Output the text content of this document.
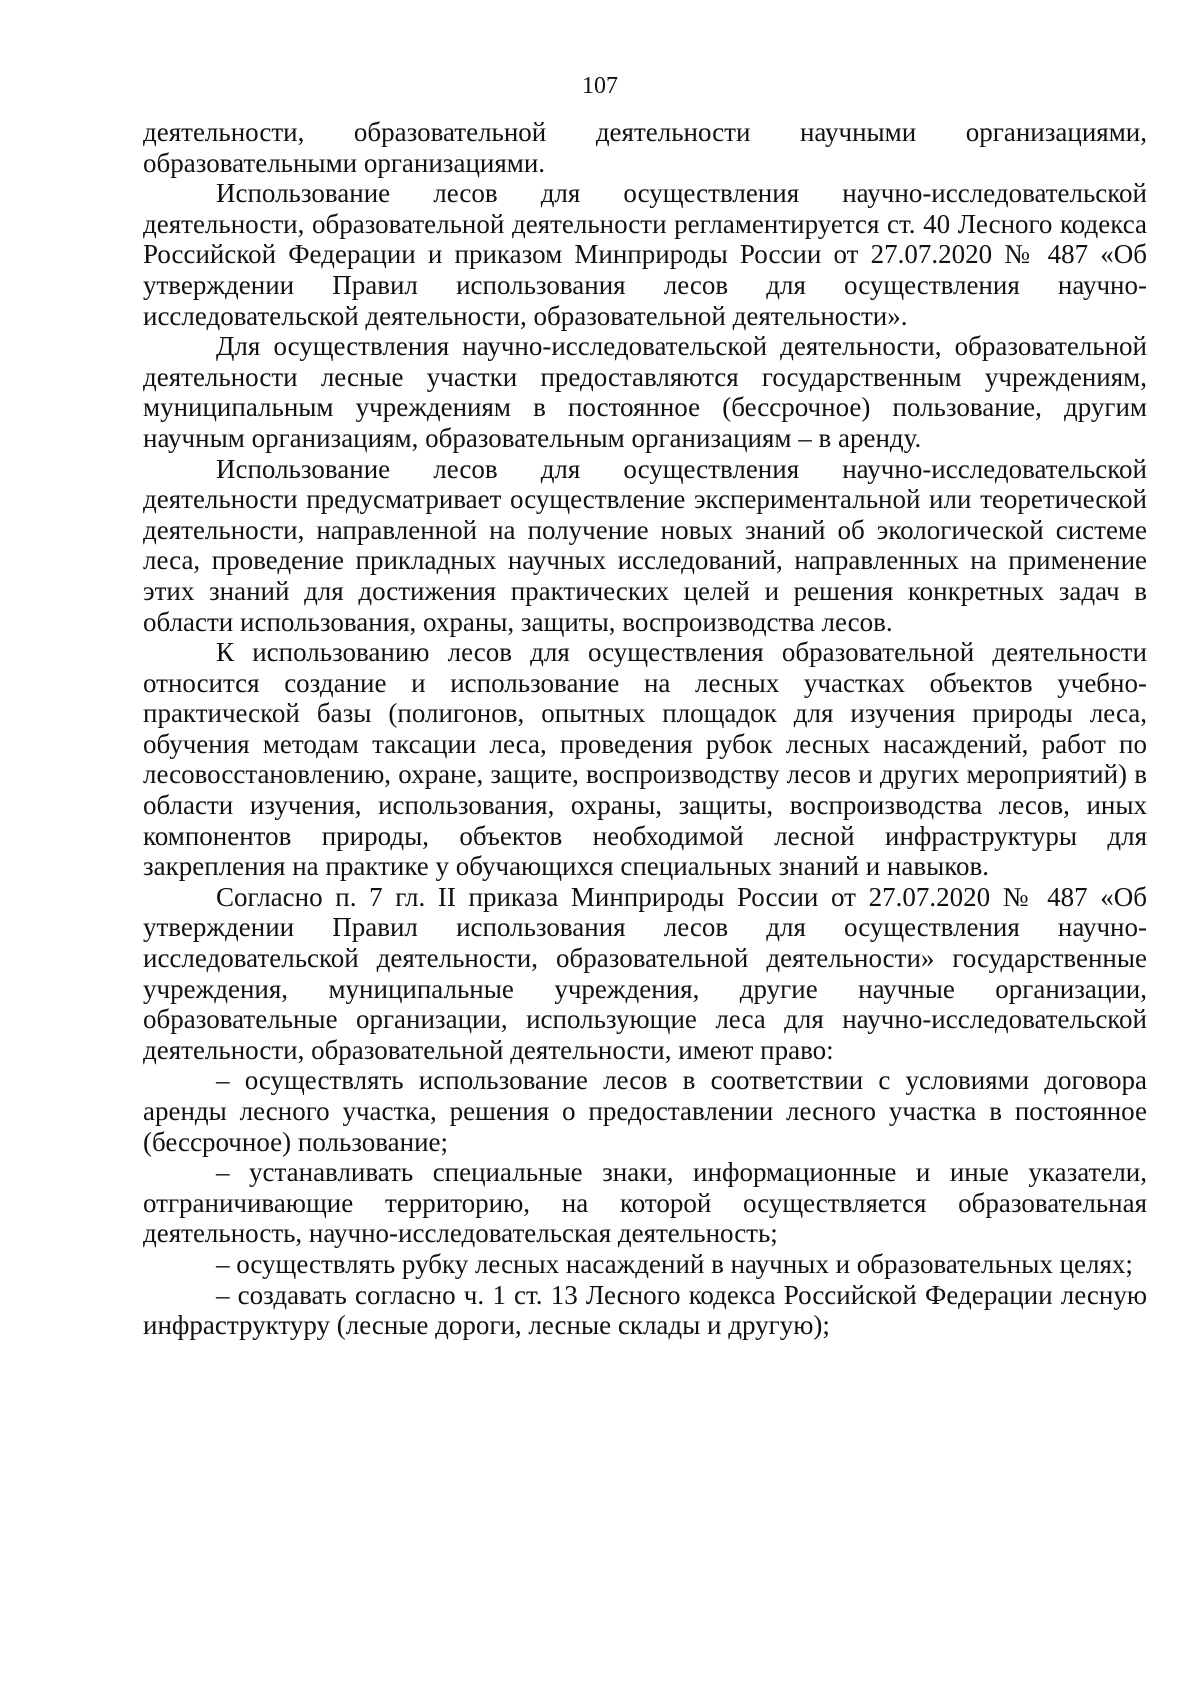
107

деятельности, образовательной деятельности научными организациями, образовательными организациями.

Использование лесов для осуществления научно-исследовательской деятельности, образовательной деятельности регламентируется ст. 40 Лесного кодекса Российской Федерации и приказом Минприроды России от 27.07.2020 № 487 «Об утверждении Правил использования лесов для осуществления научно-исследовательской деятельности, образовательной деятельности».

Для осуществления научно-исследовательской деятельности, образовательной деятельности лесные участки предоставляются государственным учреждениям, муниципальным учреждениям в постоянное (бессрочное) пользование, другим научным организациям, образовательным организациям – в аренду.

Использование лесов для осуществления научно-исследовательской деятельности предусматривает осуществление экспериментальной или теоретической деятельности, направленной на получение новых знаний об экологической системе леса, проведение прикладных научных исследований, направленных на применение этих знаний для достижения практических целей и решения конкретных задач в области использования, охраны, защиты, воспроизводства лесов.

К использованию лесов для осуществления образовательной деятельности относится создание и использование на лесных участках объектов учебно-практической базы (полигонов, опытных площадок для изучения природы леса, обучения методам таксации леса, проведения рубок лесных насаждений, работ по лесовосстановлению, охране, защите, воспроизводству лесов и других мероприятий) в области изучения, использования, охраны, защиты, воспроизводства лесов, иных компонентов природы, объектов необходимой лесной инфраструктуры для закрепления на практике у обучающихся специальных знаний и навыков.

Согласно п. 7 гл. II приказа Минприроды России от 27.07.2020 № 487 «Об утверждении Правил использования лесов для осуществления научно-исследовательской деятельности, образовательной деятельности» государственные учреждения, муниципальные учреждения, другие научные организации, образовательные организации, использующие леса для научно-исследовательской деятельности, образовательной деятельности, имеют право:

– осуществлять использование лесов в соответствии с условиями договора аренды лесного участка, решения о предоставлении лесного участка в постоянное (бессрочное) пользование;

– устанавливать специальные знаки, информационные и иные указатели, отграничивающие территорию, на которой осуществляется образовательная деятельность, научно-исследовательская деятельность;

– осуществлять рубку лесных насаждений в научных и образовательных целях;

– создавать согласно ч. 1 ст. 13 Лесного кодекса Российской Федерации лесную инфраструктуру (лесные дороги, лесные склады и другую);
